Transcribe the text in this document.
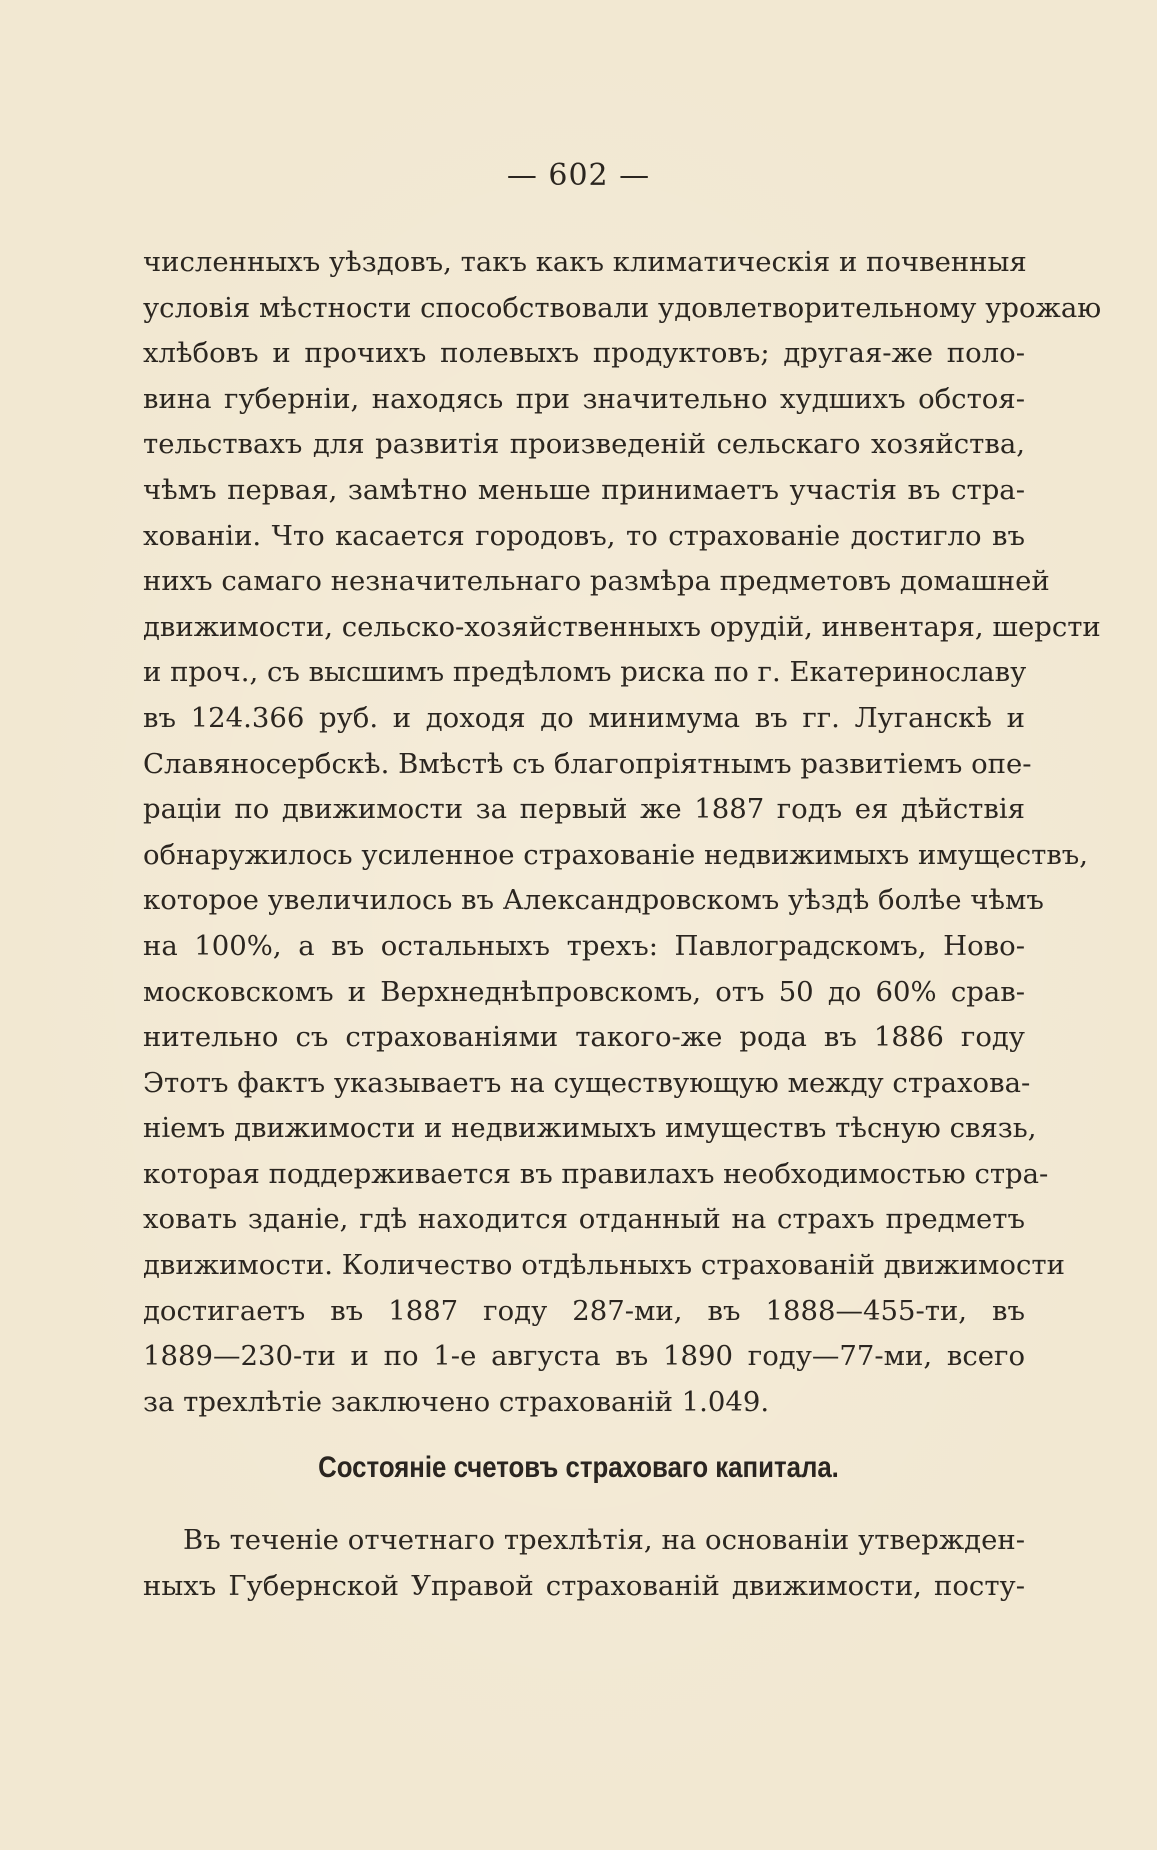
— 602 —
численныхъ уѣздовъ, такъ какъ климатическія и почвенныя
условія мѣстности способствовали удовлетворительному урожаю
хлѣбовъ и прочихъ полевыхъ продуктовъ; другая-же поло-
вина губерніи, находясь при значительно худшихъ обстоя-
тельствахъ для развитія произведеній сельскаго хозяйства,
чѣмъ первая, замѣтно меньше принимаетъ участія въ стра-
хованіи. Что касается городовъ, то страхованіе достигло въ
нихъ самаго незначительнаго размѣра предметовъ домашней
движимости, сельско-хозяйственныхъ орудій, инвентаря, шерсти
и проч., съ высшимъ предѣломъ риска по г. Екатеринославу
въ 124.366 руб. и доходя до минимума въ гг. Луганскѣ и
Славяносербскѣ. Вмѣстѣ съ благопріятнымъ развитіемъ опе-
раціи по движимости за первый же 1887 годъ ея дѣйствія
обнаружилось усиленное страхованіе недвижимыхъ имуществъ,
которое увеличилось въ Александровскомъ уѣздѣ болѣе чѣмъ
на 100%, а въ остальныхъ трехъ: Павлоградскомъ, Ново-
московскомъ и Верхнеднѣпровскомъ, отъ 50 до 60% срав-
нительно съ страхованіями такого-же рода въ 1886 году
Этотъ фактъ указываетъ на существующую между страхова-
ніемъ движимости и недвижимыхъ имуществъ тѣсную связь,
которая поддерживается въ правилахъ необходимостью стра-
ховать зданіе, гдѣ находится отданный на страхъ предметъ
движимости. Количество отдѣльныхъ страхованій движимости
достигаетъ въ 1887 году 287-ми, въ 1888—455-ти, въ
1889—230-ти и по 1-е августа въ 1890 году—77-ми, всего
за трехлѣтіе заключено страхованій 1.049.
Состояніе счетовъ страховаго капитала.
Въ теченіе отчетнаго трехлѣтія, на основаніи утвержден-
ныхъ Губернской Управой страхованій движимости, посту-
